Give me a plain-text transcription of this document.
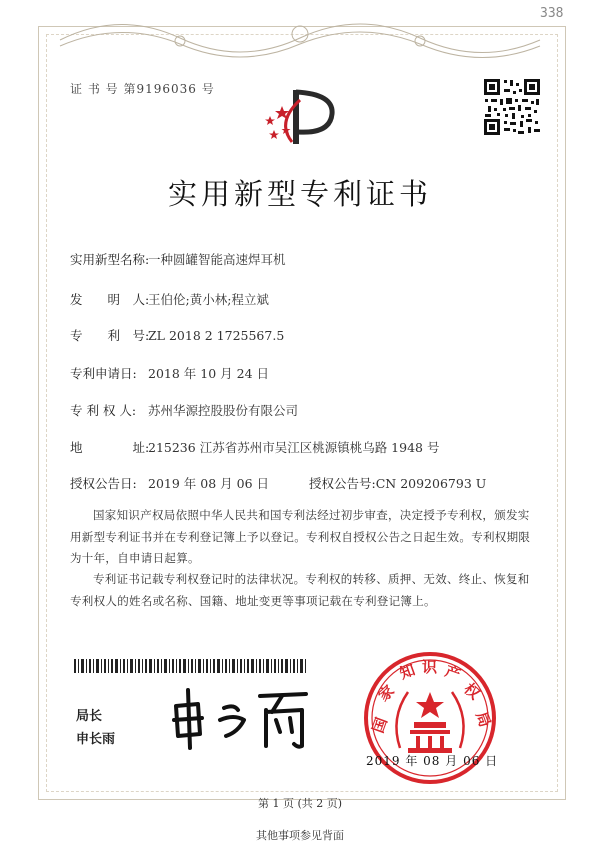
338
证 书 号 第9196036 号
实用新型专利证书
实用新型名称:一种圆罐智能高速焊耳机
发　　明　人:王伯伦;黄小林;程立斌
专　　利　号:ZL 2018 2 1725567.5
专利申请日: 2018 年 10 月 24 日
专 利 权 人: 苏州华源控股股份有限公司
地　　　　址:215236 江苏省苏州市吴江区桃源镇桃乌路 1948 号
授权公告日: 2019 年 08 月 06 日	授权公告号:CN 209206793 U
国家知识产权局依照中华人民共和国专利法经过初步审查，决定授予专利权，颁发实用新型专利证书并在专利登记簿上予以登记。专利权自授权公告之日起生效。专利权期限为十年，自申请日起算。
专利证书记载专利权登记时的法律状况。专利权的转移、质押、无效、终止、恢复和专利权人的姓名或名称、国籍、地址变更等事项记载在专利登记簿上。
局长
申长雨
国
家
知 识 产
权
局
2019 年 08 月 06 日
第 1 页 (共 2 页)
其他事项参见背面
